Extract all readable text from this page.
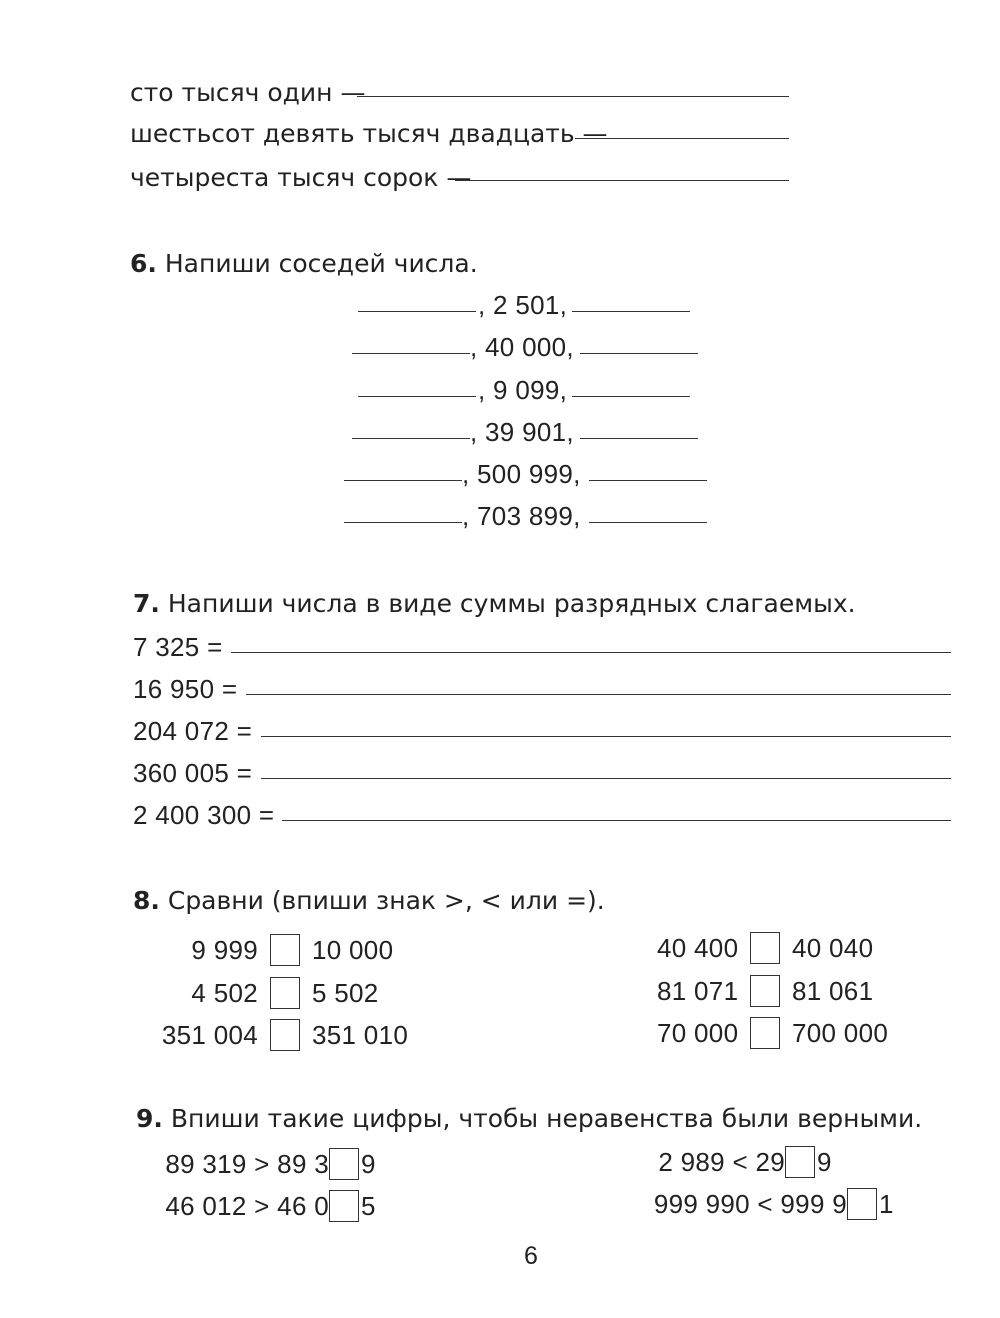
сто тысяч один —
шестьсот девять тысяч двадцать —
четыреста тысяч сорок —
6. Напиши соседей числа.
, 2 501,
, 40 000,
, 9 099,
, 39 901,
, 500 999,
, 703 899,
7. Напиши числа в виде суммы разрядных слагаемых.
7 325 =
16 950 =
204 072 =
360 005 =
2 400 300 =
8. Сравни (впиши знак >, < или =).
9 999 10 000
4 502 5 502
351 004 351 010
40 400 40 040
81 071 81 061
70 000 700 000
9. Впиши такие цифры, чтобы неравенства были верными.
89 319 > 89 3 9
46 012 > 46 0 5
2 989 < 29 9
999 990 < 999 9 1
6
